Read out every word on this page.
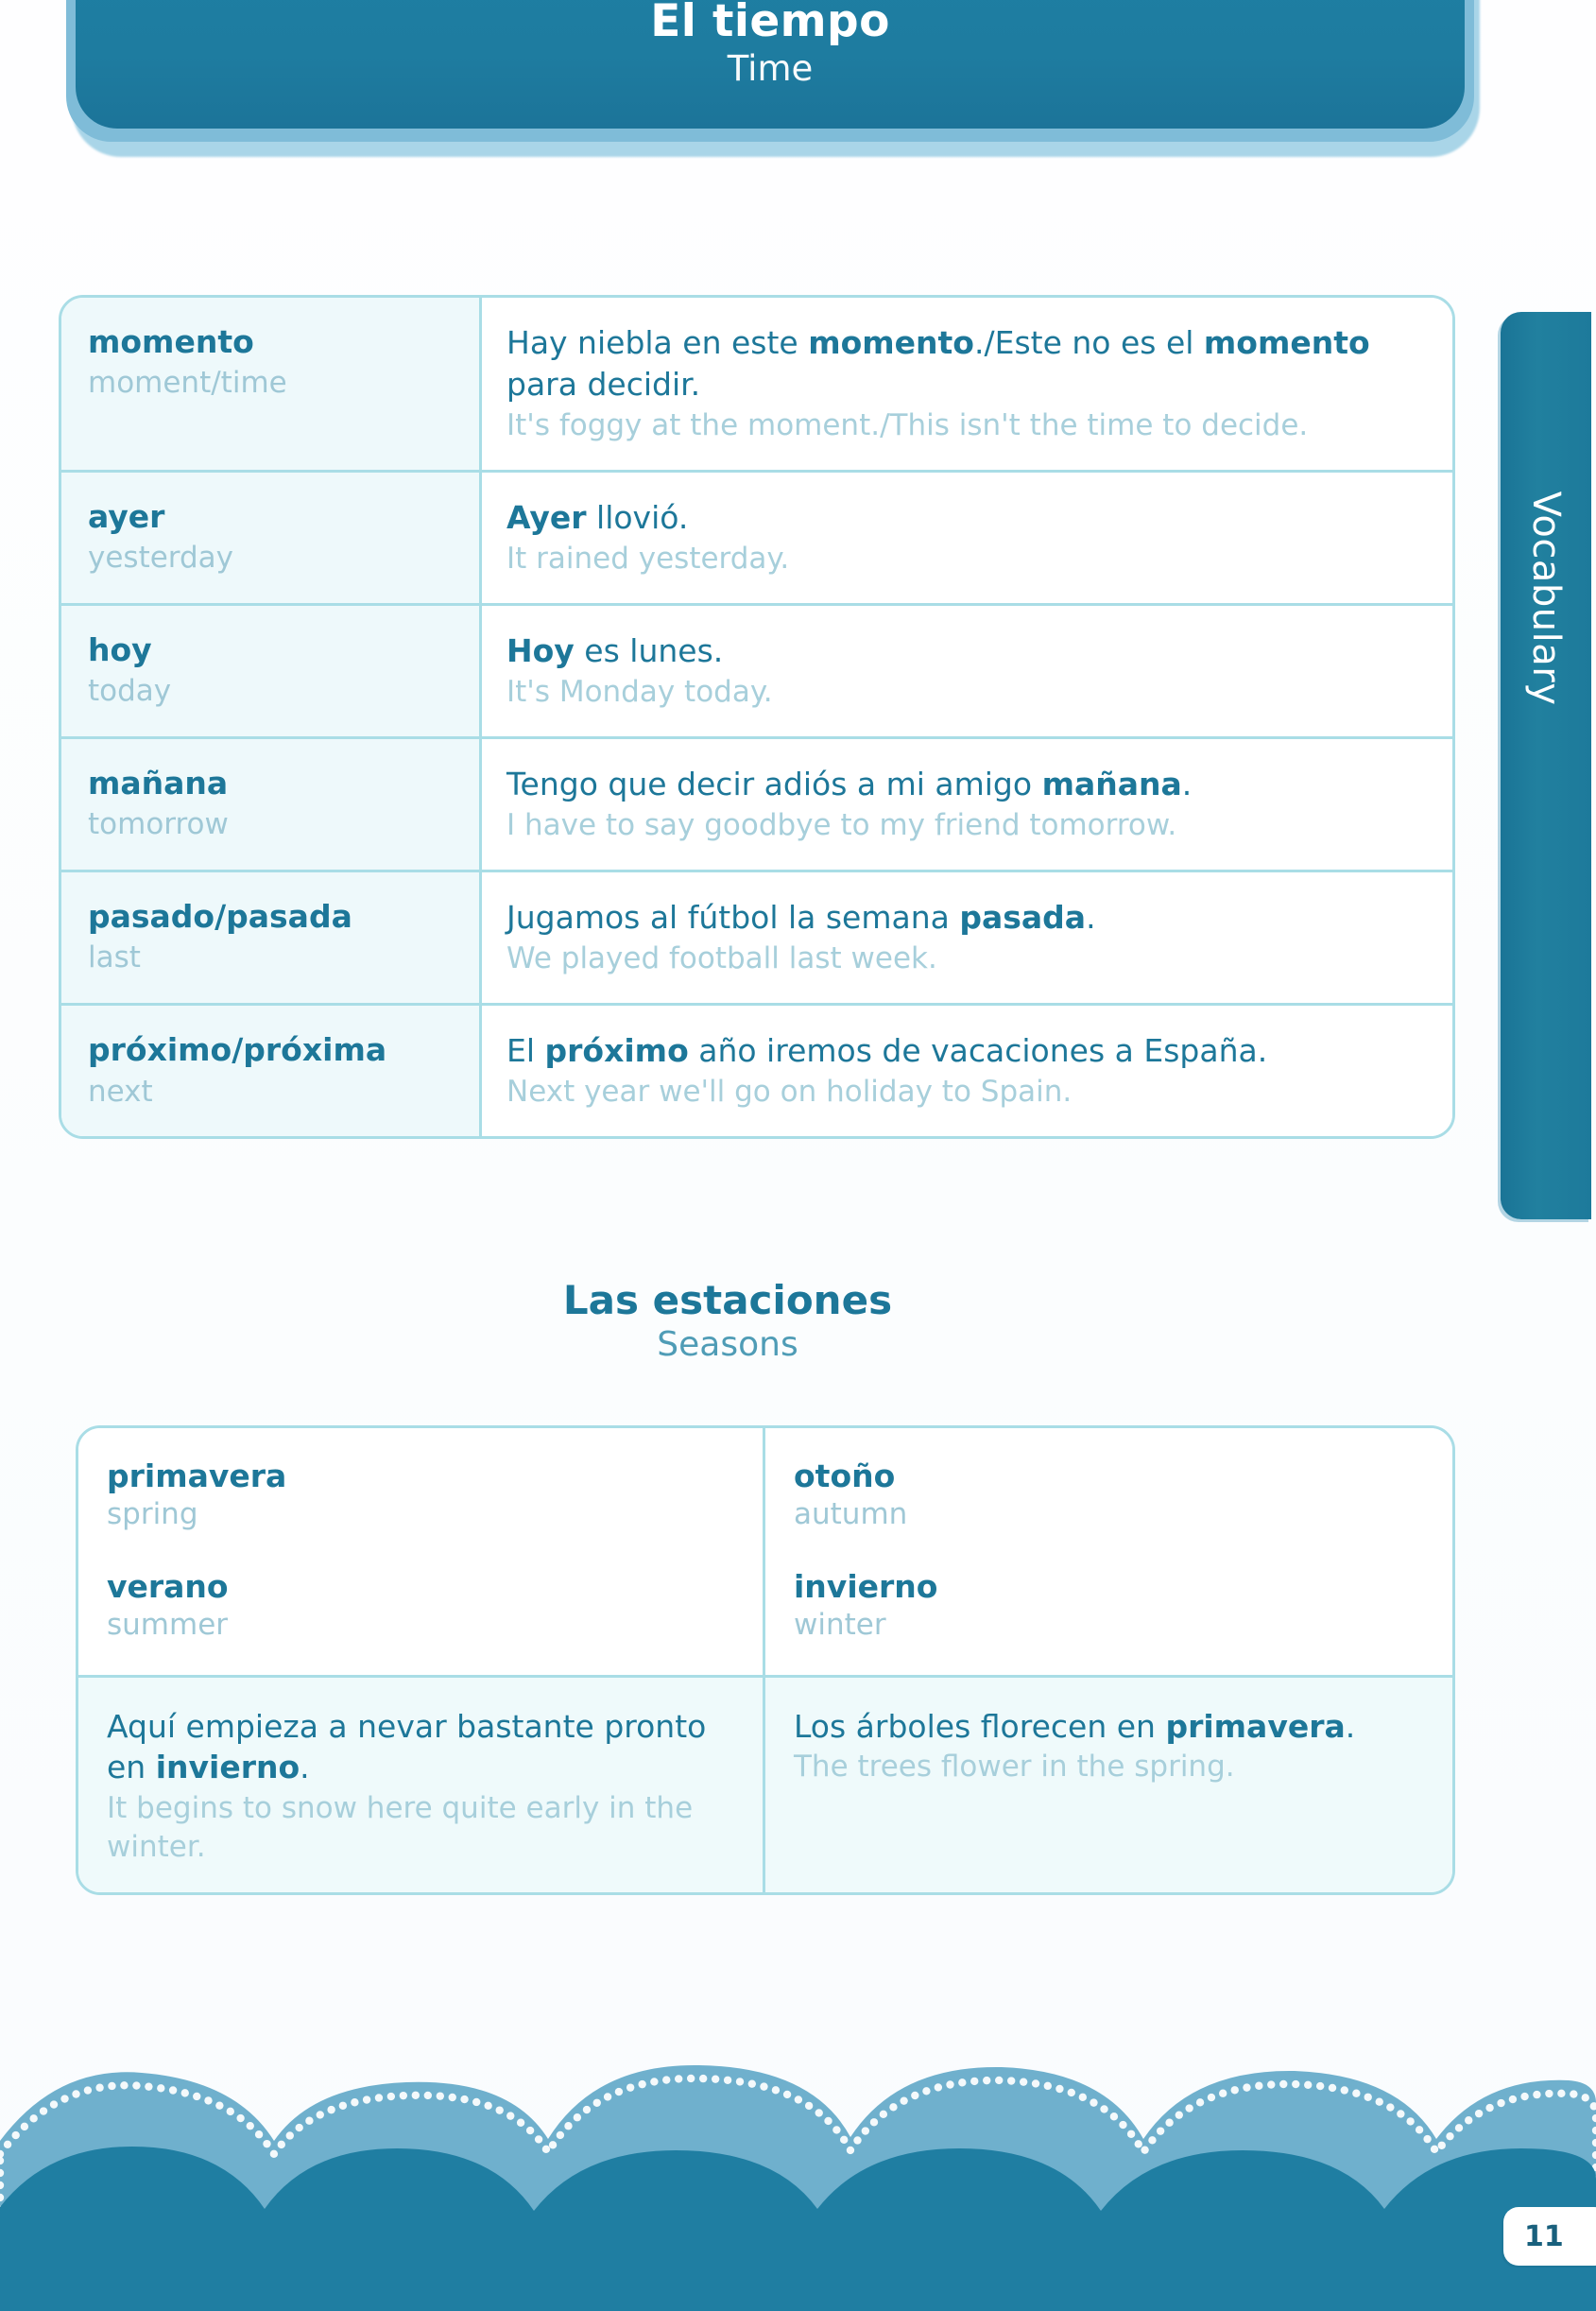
El tiempo
Time
Vocabulary
momento
moment/time
Hay niebla en este momento./Este no es el momento para decidir.
It's foggy at the moment./This isn't the time to decide.
ayer
yesterday
Ayer llovió.
It rained yesterday.
hoy
today
Hoy es lunes.
It's Monday today.
mañana
tomorrow
Tengo que decir adiós a mi amigo mañana.
I have to say goodbye to my friend tomorrow.
pasado/pasada
last
Jugamos al fútbol la semana pasada.
We played football last week.
próximo/próxima
next
El próximo año iremos de vacaciones a España.
Next year we'll go on holiday to Spain.
Las estaciones
Seasons
primavera
spring
verano
summer
otoño
autumn
invierno
winter
Aquí empieza a nevar bastante pronto en invierno.
It begins to snow here quite early in the winter.
Los árboles florecen en primavera.
The trees flower in the spring.
11
